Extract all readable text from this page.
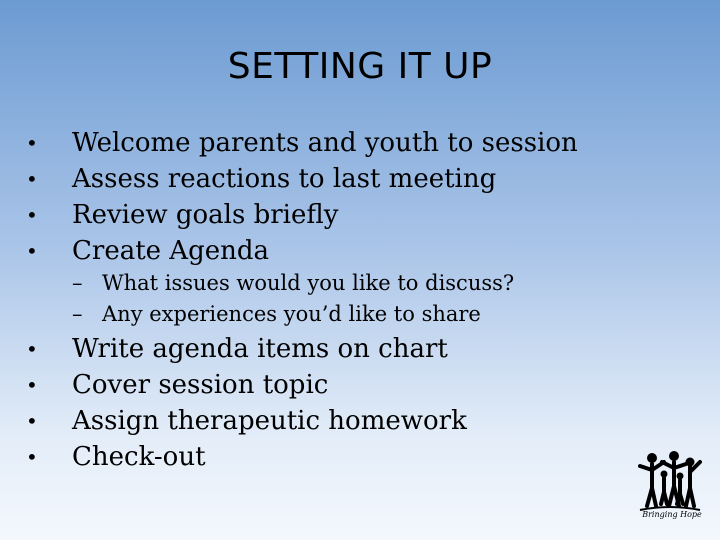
SETTING IT UP
• Welcome parents and youth to session
• Assess reactions to last meeting
• Review goals briefly
• Create Agenda
– What issues would you like to discuss?
– Any experiences you’d like to share
• Write agenda items on chart
• Cover session topic
• Assign therapeutic homework
• Check-out
Bringing Hope
